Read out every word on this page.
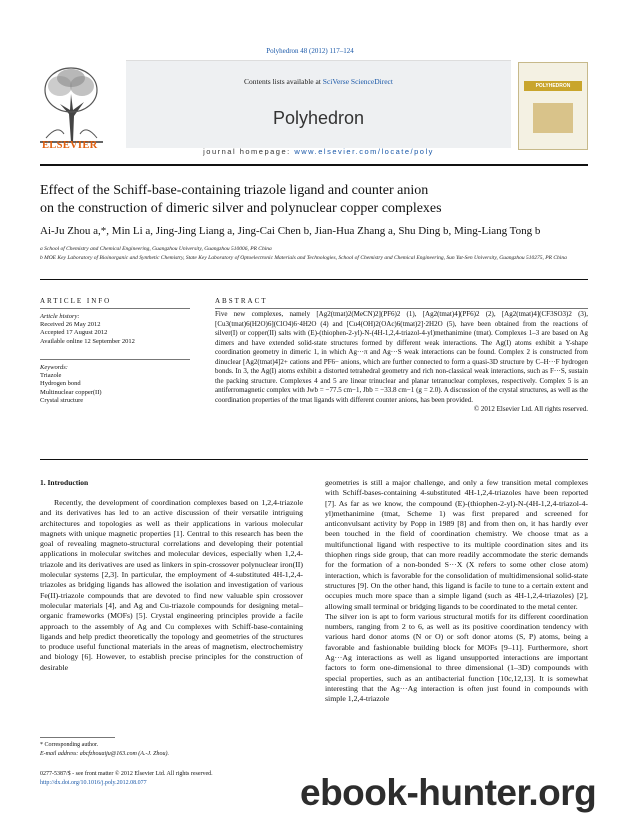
Polyhedron 48 (2012) 117–124
ELSEVIER
Contents lists available at SciVerse ScienceDirect
Polyhedron
journal homepage: www.elsevier.com/locate/poly
POLYHEDRON
Effect of the Schiff-base-containing triazole ligand and counter anion
on the construction of dimeric silver and polynuclear copper complexes
Ai-Ju Zhou a,*, Min Li a, Jing-Jing Liang a, Jing-Cai Chen b, Jian-Hua Zhang a, Shu Ding b, Ming-Liang Tong b
a School of Chemistry and Chemical Engineering, Guangzhou University, Guangzhou 510006, PR China
b MOE Key Laboratory of Bioinorganic and Synthetic Chemistry, State Key Laboratory of Optoelectronic Materials and Technologies, School of Chemistry and Chemical Engineering, Sun Yat-Sen University, Guangzhou 510275, PR China
ARTICLE INFO
Article history:
Received 26 May 2012
Accepted 17 August 2012
Available online 12 September 2012
Keywords:
Triazole
Hydrogen bond
Multinuclear copper(II)
Crystal structure
ABSTRACT
Five new complexes, namely [Ag2(tmat)2(MeCN)2](PF6)2 (1), [Ag2(tmat)4](PF6)2 (2), [Ag2(tmat)4](CF3SO3)2 (3), [Cu3(tmat)6(H2O)6](ClO4)6·4H2O (4) and [Cu4(OH)2(OAc)6(tmat)2]·2H2O (5), have been obtained from the reactions of silver(I) or copper(II) salts with (E)-(thiophen-2-yl)-N-(4H-1,2,4-triazol-4-yl)methanimine (tmat). Complexes 1–3 are based on Ag dimers and have extended solid-state structures formed by different weak interactions. The Ag(I) atoms exhibit a Y-shape coordination geometry in dimeric 1, in which Ag···π and Ag···S weak interactions can be found. Complex 2 is constructed from dinuclear [Ag2(tmat)4]2+ cations and PF6− anions, which are further connected to form a quasi-3D structure by C–H···F hydrogen bonds. In 3, the Ag(I) atoms exhibit a distorted tetrahedral geometry and rich non-classical weak interactions, such as F···S, sustain the packing structure. Complexes 4 and 5 are linear trinuclear and planar tetranuclear complexes, respectively. Complex 5 is an antiferromagnetic complex with Jwb = −77.5 cm−1, Jbb = −33.8 cm−1 (g = 2.0). A discussion of the crystal structures, as well as the coordination properties of the tmat ligands with different counter anions, has been provided.
© 2012 Elsevier Ltd. All rights reserved.
1. Introduction
Recently, the development of coordination complexes based on 1,2,4-triazole and its derivatives has led to an active discussion of their versatile intriguing architectures and topologies as well as their applications in various molecular magnets with unique magnetic properties [1]. Central to this research has been the goal of revealing magneto-structural correlations and developing their potential applications in molecular switches and molecular devices, especially when 1,2,4-triazole and its derivatives are used as linkers in spin-crossover polynuclear iron(II) molecular systems [2,3]. In particular, the employment of 4-substituted 4H-1,2,4-triazoles as bridging ligands has allowed the isolation and investigation of various Fe(II)-triazole compounds that are devoted to find new valuable spin crossover molecular materials [4], and Ag and Cu-triazole compounds for designing metal–organic frameworks (MOFs) [5]. Crystal engineering principles provide a facile approach to the assembly of Ag and Cu complexes with Schiff-base-containing ligands and help predict theoretically the topology and geometries of the structures to produce useful functional materials in the areas of magnetism, electrochemistry and biology [6]. However, to establish precise principles for the construction of desirable
geometries is still a major challenge, and only a few transition metal complexes with Schiff-bases-containing 4-substituted 4H-1,2,4-triazoles have been reported [7]. As far as we know, the compound (E)-(thiophen-2-yl)-N-(4H-1,2,4-triazol-4-yl)methanimine (tmat, Scheme 1) was first prepared and screened for anticonvulsant activity by Popp in 1989 [8] and from then on, it has hardly ever been touched in the field of coordination chemistry. We choose tmat as a multifunctional ligand with respective to its multiple coordination sites and its thiophen rings side group, that can more readily accommodate the steric demands for the formation of a non-bonded S···X (X refers to some other close atom) interaction, which is favorable for the consolidation of multidimensional solid-state structures [9]. On the other hand, this ligand is facile to tune to a certain extent and occupies much more space than a simple ligand (such as 4H-1,2,4-triazoles) [2], allowing small terminal or bridging ligands to be coordinated to the metal center.
The silver ion is apt to form various structural motifs for its different coordination numbers, ranging from 2 to 6, as well as its positive coordination tendency with various hard donor atoms (N or O) or soft donor atoms (S, P) atoms, being a favorable and fashionable building block for MOFs [9–11]. Furthermore, short Ag···Ag interactions as well as ligand unsupported interactions are important factors to form one-dimensional to three dimensional (1–3D) compounds with special properties, such as an antibacterial function [10c,12,13]. It is somewhat interesting that the Ag···Ag interaction is often just found in compounds with simple 1,2,4-triazole
* Corresponding author.
E-mail address: abcfzhouaiju@163.com (A.-J. Zhou).
0277-5387/$ - see front matter © 2012 Elsevier Ltd. All rights reserved.
http://dx.doi.org/10.1016/j.poly.2012.08.077	ebook-hunter.org
